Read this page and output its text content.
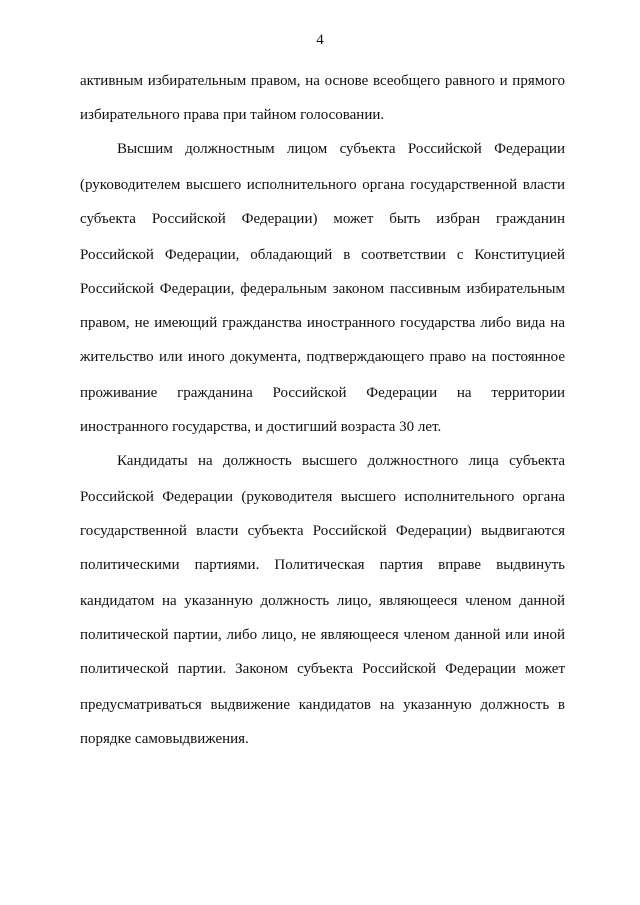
4
активным избирательным правом, на основе всеобщего равного и прямого
избирательного права при тайном голосовании.
Высшим должностным лицом субъекта Российской Федерации
(руководителем высшего исполнительного органа государственной власти
субъекта Российской Федерации) может быть избран гражданин
Российской Федерации, обладающий в соответствии с Конституцией
Российской Федерации, федеральным законом пассивным избирательным
правом, не имеющий гражданства иностранного государства либо вида на
жительство или иного документа, подтверждающего право на постоянное
проживание гражданина Российской Федерации на территории
иностранного государства, и достигший возраста 30 лет.
Кандидаты на должность высшего должностного лица субъекта
Российской Федерации (руководителя высшего исполнительного органа
государственной власти субъекта Российской Федерации) выдвигаются
политическими партиями. Политическая партия вправе выдвинуть
кандидатом на указанную должность лицо, являющееся членом данной
политической партии, либо лицо, не являющееся членом данной или иной
политической партии. Законом субъекта Российской Федерации может
предусматриваться выдвижение кандидатов на указанную должность в
порядке самовыдвижения.
